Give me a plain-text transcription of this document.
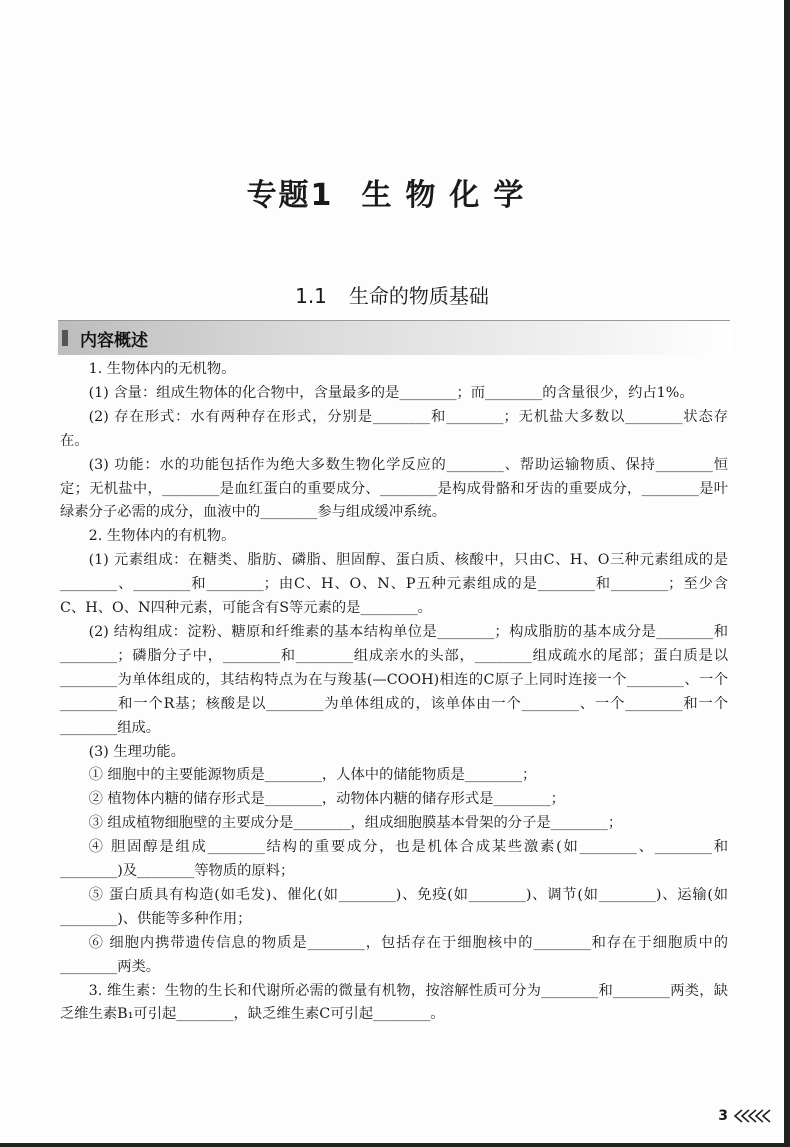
专题1 生物化学
1.1 生命的物质基础
内容概述

1. 生物体内的无机物。

(1) 含量：组成生物体的化合物中，含量最多的是________；而________的含量很少，约占1%。

(2) 存在形式：水有两种存在形式，分别是________和________；无机盐大多数以________状态存在。

(3) 功能：水的功能包括作为绝大多数生物化学反应的________、帮助运输物质、保持________恒定；无机盐中，________是血红蛋白的重要成分、________是构成骨骼和牙齿的重要成分，________是叶绿素分子必需的成分，血液中的________参与组成缓冲系统。

2. 生物体内的有机物。

(1) 元素组成：在糖类、脂肪、磷脂、胆固醇、蛋白质、核酸中，只由C、H、O三种元素组成的是________、________和________；由C、H、O、N、P五种元素组成的是________和________；至少含C、H、O、N四种元素，可能含有S等元素的是________。

(2) 结构组成：淀粉、糖原和纤维素的基本结构单位是________；构成脂肪的基本成分是________和________；磷脂分子中，________和________组成亲水的头部，________组成疏水的尾部；蛋白质是以________为单体组成的，其结构特点为在与羧基(—COOH)相连的C原子上同时连接一个________、一个________和一个R基；核酸是以________为单体组成的，该单体由一个________、一个________和一个________组成。

(3) 生理功能。

① 细胞中的主要能源物质是________，人体中的储能物质是________；

② 植物体内糖的储存形式是________，动物体内糖的储存形式是________；

③ 组成植物细胞壁的主要成分是________，组成细胞膜基本骨架的分子是________；

④ 胆固醇是组成________结构的重要成分，也是机体合成某些激素(如________、________和________)及________等物质的原料；

⑤ 蛋白质具有构造(如毛发)、催化(如________)、免疫(如________)、调节(如________)、运输(如________)、供能等多种作用；

⑥ 细胞内携带遗传信息的物质是________，包括存在于细胞核中的________和存在于细胞质中的________两类。

3. 维生素：生物的生长和代谢所必需的微量有机物，按溶解性质可分为________和________两类，缺乏维生素B₁可引起________，缺乏维生素C可引起________。

3
